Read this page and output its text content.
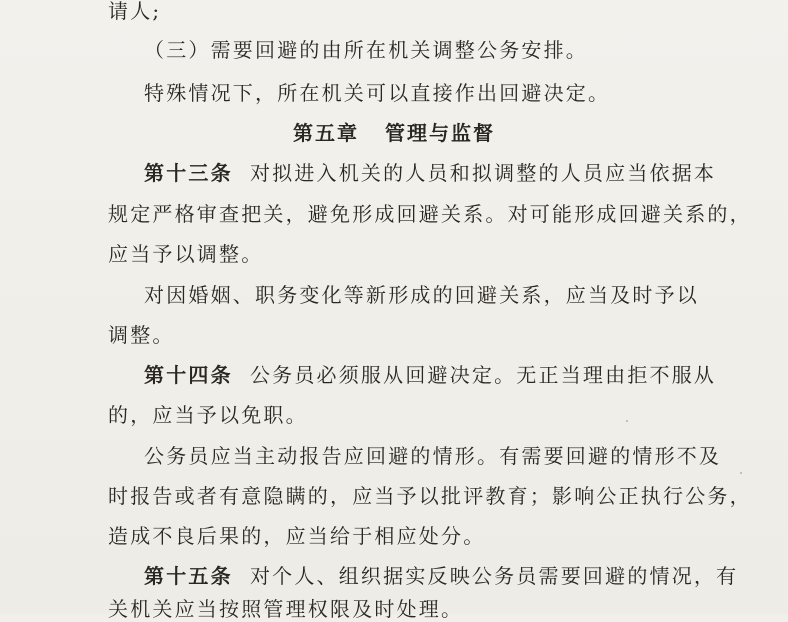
请人;
（三）需要回避的由所在机关调整公务安排。
特殊情况下，所在机关可以直接作出回避决定。
第五章 管理与监督
第十三条 对拟进入机关的人员和拟调整的人员应当依据本
规定严格审查把关，避免形成回避关系。对可能形成回避关系的，
应当予以调整。
对因婚姻、职务变化等新形成的回避关系，应当及时予以
调整。
第十四条 公务员必须服从回避决定。无正当理由拒不服从
的，应当予以免职。
公务员应当主动报告应回避的情形。有需要回避的情形不及
时报告或者有意隐瞒的，应当予以批评教育；影响公正执行公务，
造成不良后果的，应当给于相应处分。
第十五条 对个人、组织据实反映公务员需要回避的情况，有
关机关应当按照管理权限及时处理。
